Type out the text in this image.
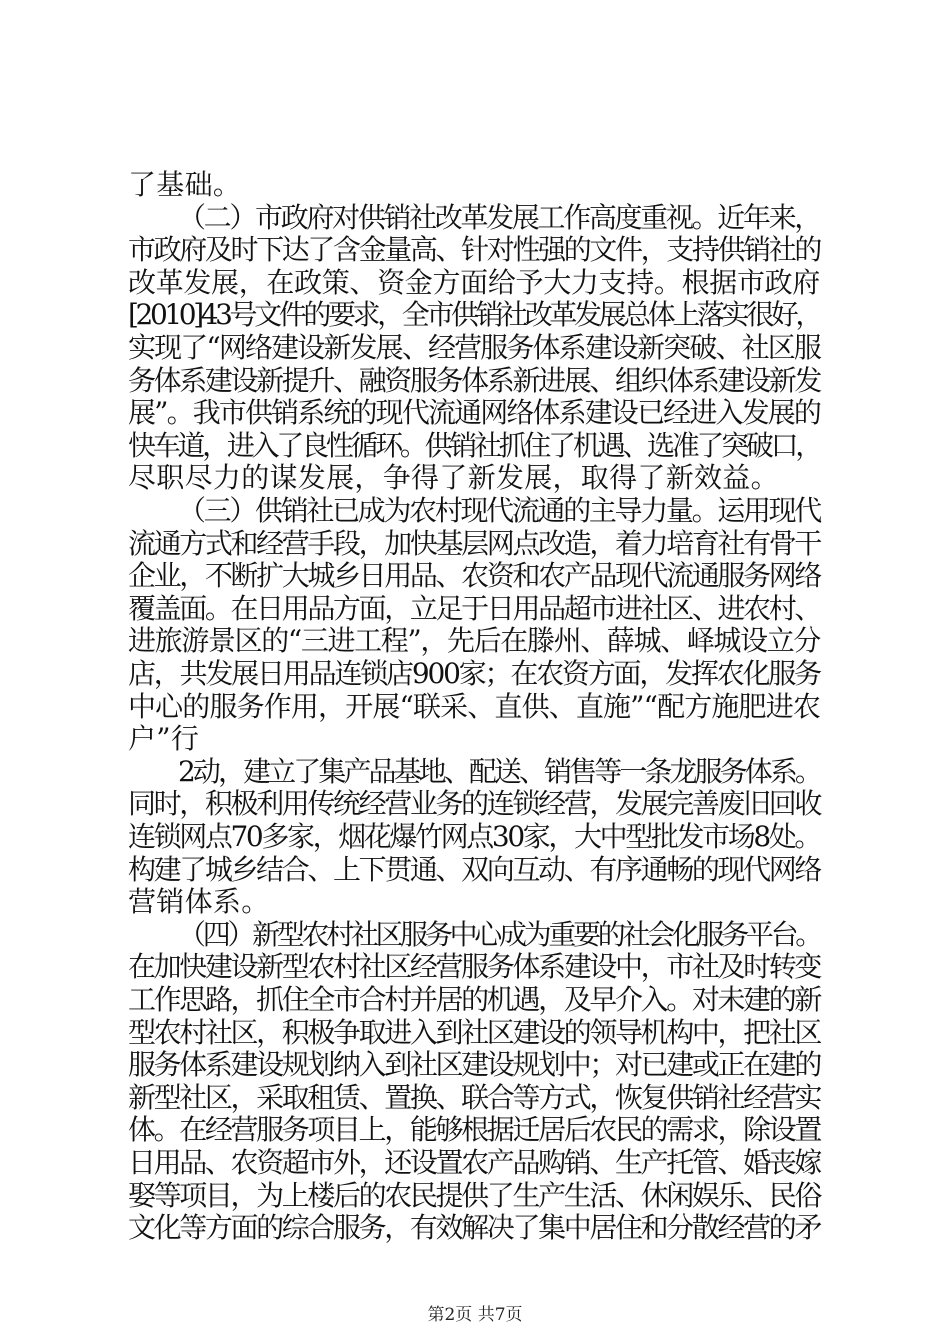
了基础。
（二）市政府对供销社改革发展工作高度重视。近年来，
市政府及时下达了含金量高、针对性强的文件，支持供销社的
改革发展，在政策、资金方面给予大力支持。根据市政府
[2010]43号文件的要求，全市供销社改革发展总体上落实很好，
实现了“网络建设新发展、经营服务体系建设新突破、社区服
务体系建设新提升、融资服务体系新进展、组织体系建设新发
展”。我市供销系统的现代流通网络体系建设已经进入发展的
快车道，进入了良性循环。供销社抓住了机遇、选准了突破口，
尽职尽力的谋发展，争得了新发展，取得了新效益。
（三）供销社已成为农村现代流通的主导力量。运用现代
流通方式和经营手段，加快基层网点改造，着力培育社有骨干
企业，不断扩大城乡日用品、农资和农产品现代流通服务网络
覆盖面。在日用品方面，立足于日用品超市进社区、进农村、
进旅游景区的“三进工程”，先后在滕州、薛城、峄城设立分
店，共发展日用品连锁店900家；在农资方面，发挥农化服务
中心的服务作用，开展“联采、直供、直施”“配方施肥进农
户”行
2动，建立了集产品基地、配送、销售等一条龙服务体系。
同时，积极利用传统经营业务的连锁经营，发展完善废旧回收
连锁网点70多家，烟花爆竹网点30家，大中型批发市场8处。
构建了城乡结合、上下贯通、双向互动、有序通畅的现代网络
营销体系。
（四）新型农村社区服务中心成为重要的社会化服务平台。
在加快建设新型农村社区经营服务体系建设中，市社及时转变
工作思路，抓住全市合村并居的机遇，及早介入。对未建的新
型农村社区，积极争取进入到社区建设的领导机构中，把社区
服务体系建设规划纳入到社区建设规划中；对已建或正在建的
新型社区，采取租赁、置换、联合等方式，恢复供销社经营实
体。在经营服务项目上，能够根据迁居后农民的需求，除设置
日用品、农资超市外，还设置农产品购销、生产托管、婚丧嫁
娶等项目，为上楼后的农民提供了生产生活、休闲娱乐、民俗
文化等方面的综合服务，有效解决了集中居住和分散经营的矛
第2页 共7页
